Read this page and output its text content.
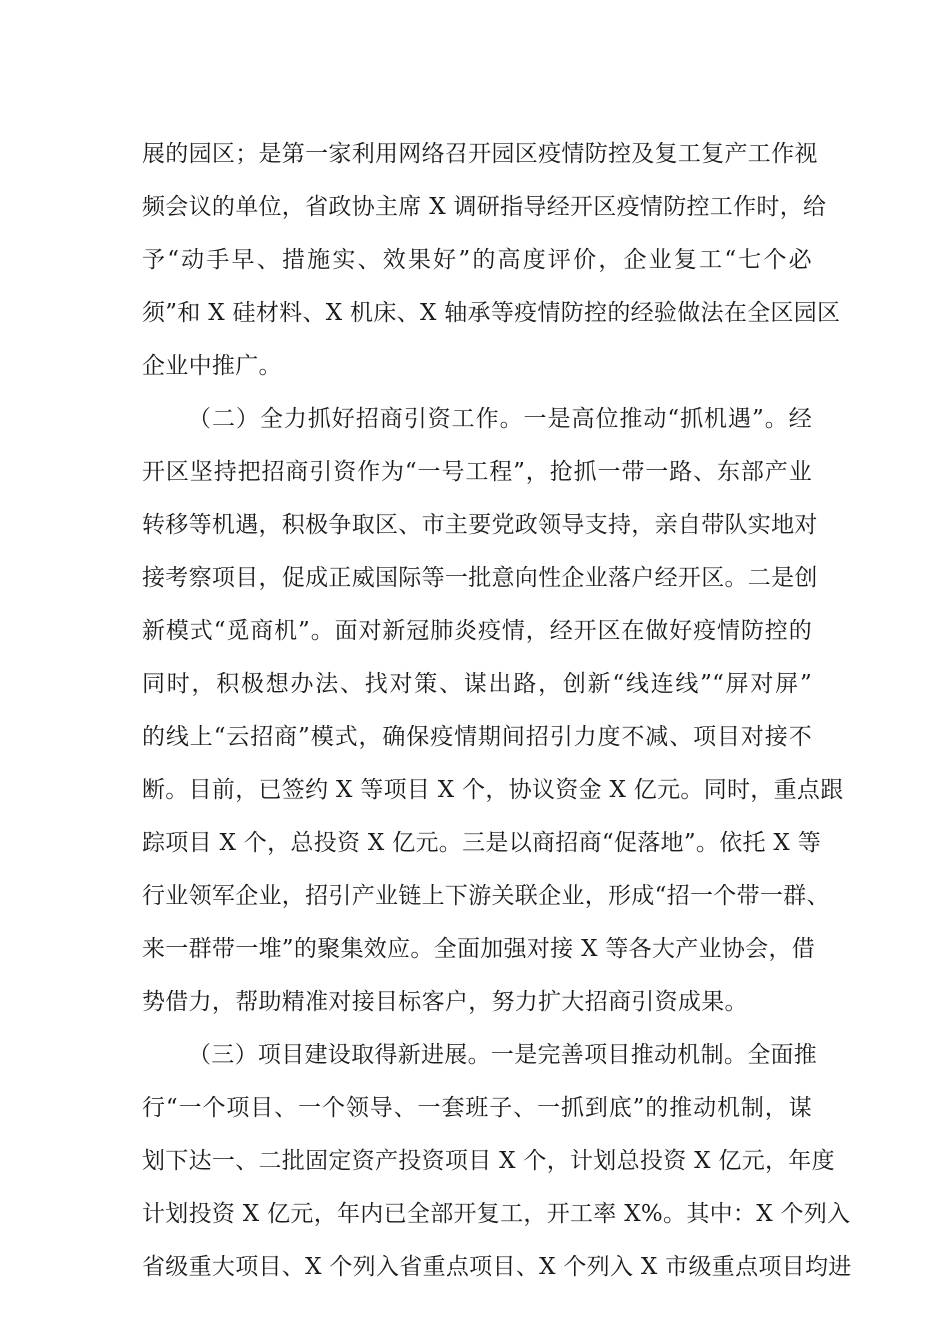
展的园区；是第一家利用网络召开园区疫情防控及复工复产工作视
频会议的单位，省政协主席 X 调研指导经开区疫情防控工作时，给
予“动手早、措施实、效果好”的高度评价，企业复工“七个必
须”和 X 硅材料、X 机床、X 轴承等疫情防控的经验做法在全区园区
企业中推广。
（二）全力抓好招商引资工作。一是高位推动“抓机遇”。经
开区坚持把招商引资作为“一号工程”，抢抓一带一路、东部产业
转移等机遇，积极争取区、市主要党政领导支持，亲自带队实地对
接考察项目，促成正威国际等一批意向性企业落户经开区。二是创
新模式“觅商机”。面对新冠肺炎疫情，经开区在做好疫情防控的
同时，积极想办法、找对策、谋出路，创新“线连线”“屏对屏”
的线上“云招商”模式，确保疫情期间招引力度不减、项目对接不
断。目前，已签约 X 等项目 X 个，协议资金 X 亿元。同时，重点跟
踪项目 X 个，总投资 X 亿元。三是以商招商“促落地”。依托 X 等
行业领军企业，招引产业链上下游关联企业，形成“招一个带一群、
来一群带一堆”的聚集效应。全面加强对接 X 等各大产业协会，借
势借力，帮助精准对接目标客户，努力扩大招商引资成果。
（三）项目建设取得新进展。一是完善项目推动机制。全面推
行“一个项目、一个领导、一套班子、一抓到底”的推动机制，谋
划下达一、二批固定资产投资项目 X 个，计划总投资 X 亿元，年度
计划投资 X 亿元，年内已全部开复工，开工率 X%。其中：X 个列入
省级重大项目、X 个列入省重点项目、X 个列入 X 市级重点项目均进
